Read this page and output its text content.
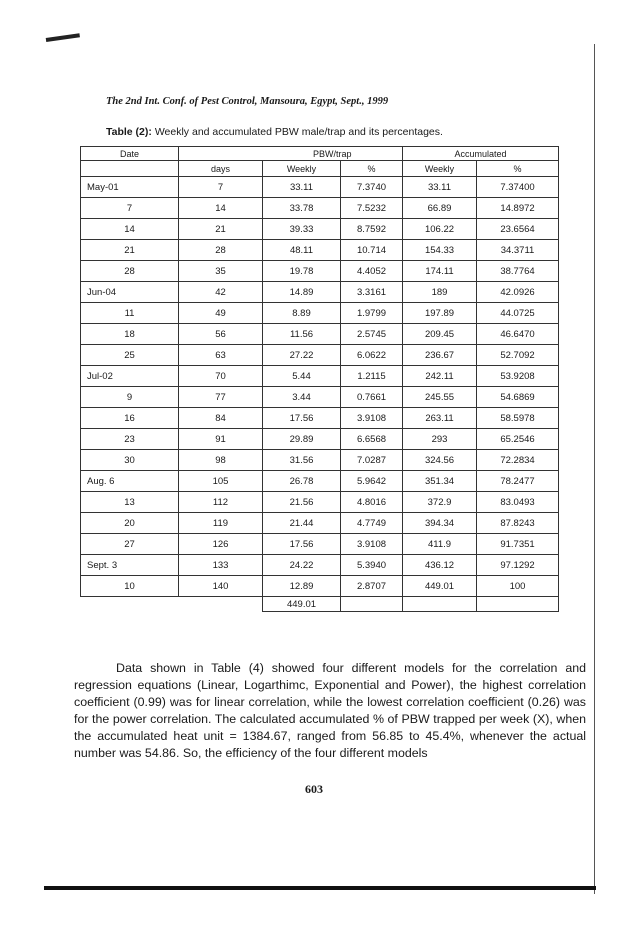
The 2nd Int. Conf. of Pest Control, Mansoura, Egypt, Sept., 1999
Table (2): Weekly and accumulated PBW male/trap and its percentages.
Date		PBW/trap		Accumulated	
	days	Weekly	%	Weekly	%
May-01	7	33.11	7.3740	33.11	7.37400
7	14	33.78	7.5232	66.89	14.8972
14	21	39.33	8.7592	106.22	23.6564
21	28	48.11	10.714	154.33	34.3711
28	35	19.78	4.4052	174.11	38.7764
Jun-04	42	14.89	3.3161	189	42.0926
11	49	8.89	1.9799	197.89	44.0725
18	56	11.56	2.5745	209.45	46.6470
25	63	27.22	6.0622	236.67	52.7092
Jul-02	70	5.44	1.2115	242.11	53.9208
9	77	3.44	0.7661	245.55	54.6869
16	84	17.56	3.9108	263.11	58.5978
23	91	29.89	6.6568	293	65.2546
30	98	31.56	7.0287	324.56	72.2834
Aug. 6	105	26.78	5.9642	351.34	78.2477
13	112	21.56	4.8016	372.9	83.0493
20	119	21.44	4.7749	394.34	87.8243
27	126	17.56	3.9108	411.9	91.7351
Sept. 3	133	24.22	5.3940	436.12	97.1292
10	140	12.89	2.8707	449.01	100
		449.01			

Data shown in Table (4) showed four different models for the correlation and regression equations (Linear, Logarthimc, Exponential and Power), the highest correlation coefficient (0.99) was for linear correlation, while the lowest correlation coefficient (0.26) was for the power correlation. The calculated accumulated % of PBW trapped per week (X), when the accumulated heat unit = 1384.67, ranged from 56.85 to 45.4%, whenever the actual number was 54.86. So, the efficiency of the four different models

603
